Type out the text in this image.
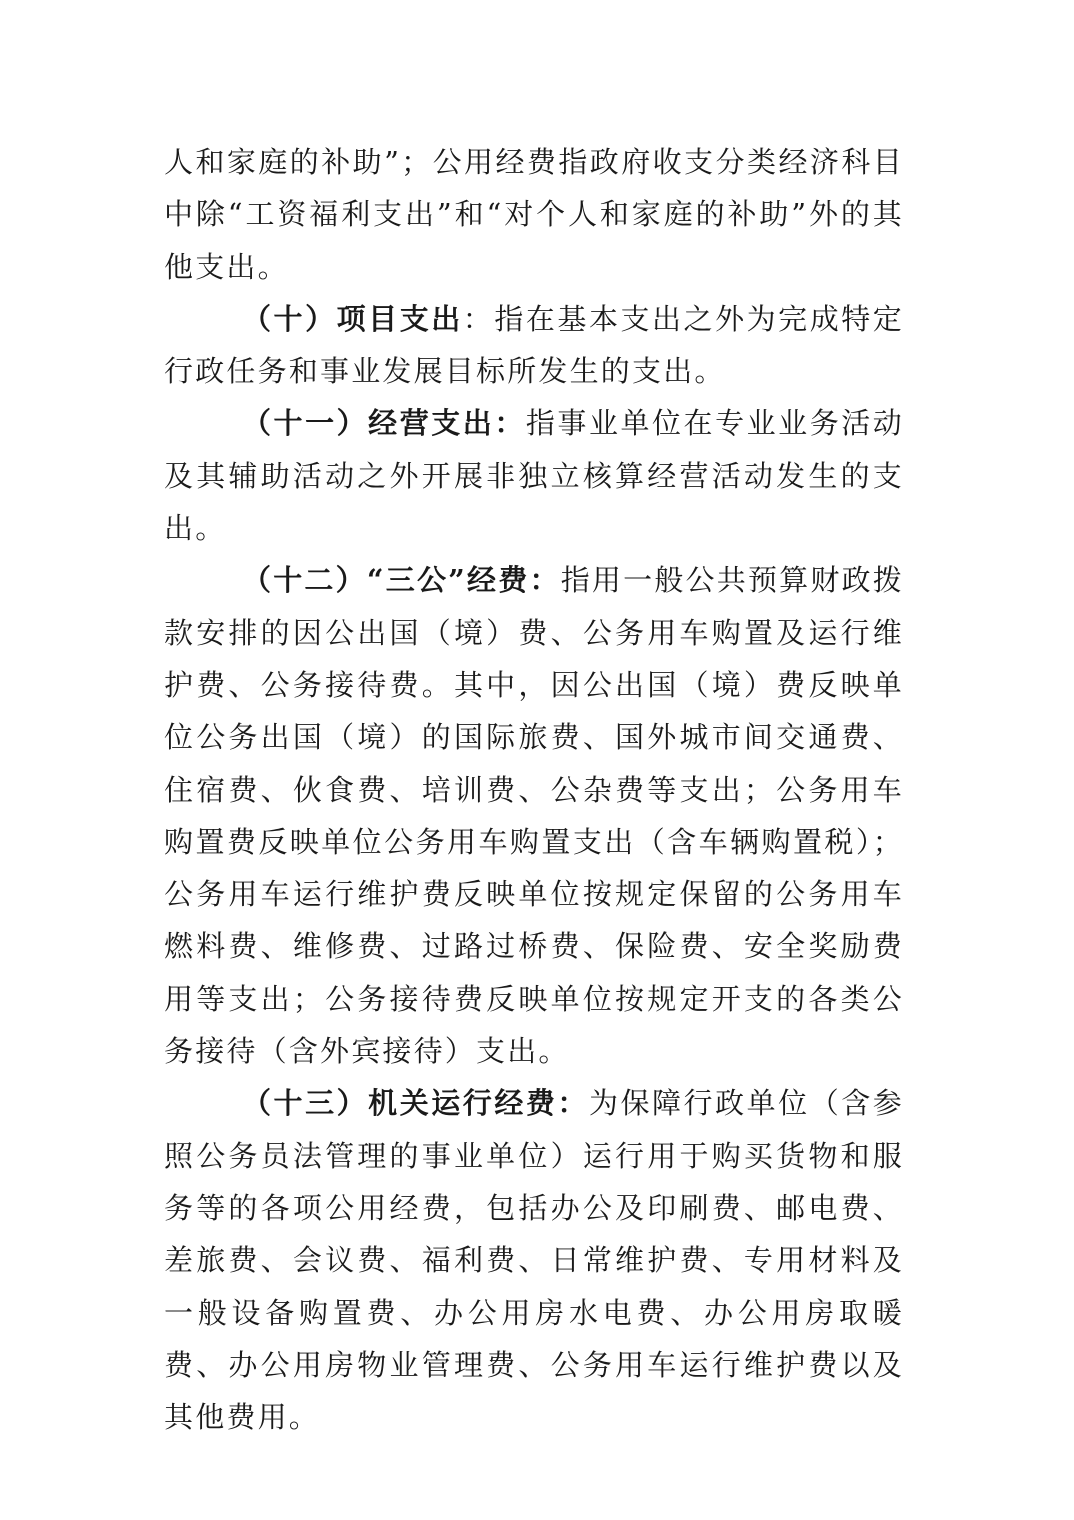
人和家庭的补助”；公用经费指政府收支分类经济科目中除“工资福利支出”和“对个人和家庭的补助”外的其他支出。

（十）项目支出：指在基本支出之外为完成特定行政任务和事业发展目标所发生的支出。

（十一）经营支出：指事业单位在专业业务活动及其辅助活动之外开展非独立核算经营活动发生的支出。

（十二）“三公”经费：指用一般公共预算财政拨款安排的因公出国（境）费、公务用车购置及运行维护费、公务接待费。其中，因公出国（境）费反映单位公务出国（境）的国际旅费、国外城市间交通费、住宿费、伙食费、培训费、公杂费等支出；公务用车购置费反映单位公务用车购置支出（含车辆购置税）；公务用车运行维护费反映单位按规定保留的公务用车燃料费、维修费、过路过桥费、保险费、安全奖励费用等支出；公务接待费反映单位按规定开支的各类公务接待（含外宾接待）支出。

（十三）机关运行经费：为保障行政单位（含参照公务员法管理的事业单位）运行用于购买货物和服务等的各项公用经费，包括办公及印刷费、邮电费、差旅费、会议费、福利费、日常维护费、专用材料及一般设备购置费、办公用房水电费、办公用房取暖费、办公用房物业管理费、公务用车运行维护费以及其他费用。
